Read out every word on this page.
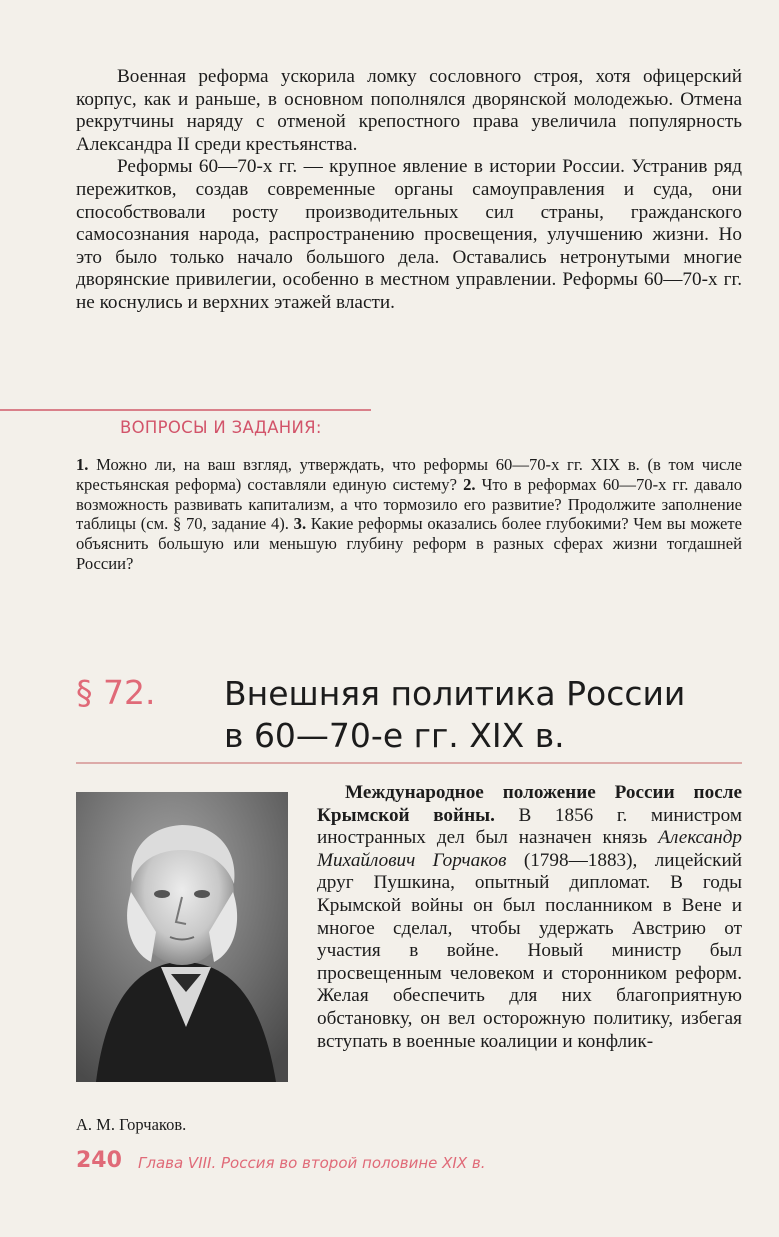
Военная реформа ускорила ломку сословного строя, хотя офицерский корпус, как и раньше, в основном пополнялся дворянской молодежью. Отмена рекрутчины наряду с отменой крепостного права увеличила популярность Александра II среди крестьянства.

Реформы 60—70-х гг. — крупное явление в истории России. Устранив ряд пережитков, создав современные органы самоуправления и суда, они способствовали росту производительных сил страны, гражданского самосознания народа, распространению просвещения, улучшению жизни. Но это было только начало большого дела. Оставались нетронутыми многие дворянские привилегии, особенно в местном управлении. Реформы 60—70-х гг. не коснулись и верхних этажей власти.

ВОПРОСЫ И ЗАДАНИЯ:
1. Можно ли, на ваш взгляд, утверждать, что реформы 60—70-х гг. XIX в. (в том числе крестьянская реформа) составляли единую систему? 2. Что в реформах 60—70-х гг. давало возможность развивать капитализм, а что тормозило его развитие? Продолжите заполнение таблицы (см. § 70, задание 4). 3. Какие реформы оказались более глубокими? Чем вы можете объяснить большую или меньшую глубину реформ в разных сферах жизни тогдашней России?
§ 72. Внешняя политика России
в 60—70-е гг. XIX в.
А. М. Горчаков.

Международное положение России после Крымской войны. В 1856 г. министром иностранных дел был назначен князь Александр Михайлович Горчаков (1798—1883), лицейский друг Пушкина, опытный дипломат. В годы Крымской войны он был посланником в Вене и многое сделал, чтобы удержать Австрию от участия в войне. Новый министр был просвещенным человеком и сторонником реформ. Желая обеспечить для них благоприятную обстановку, он вел осторожную политику, избегая вступать в военные коалиции и конфлик-

240 Глава VIII. Россия во второй половине XIX в.
